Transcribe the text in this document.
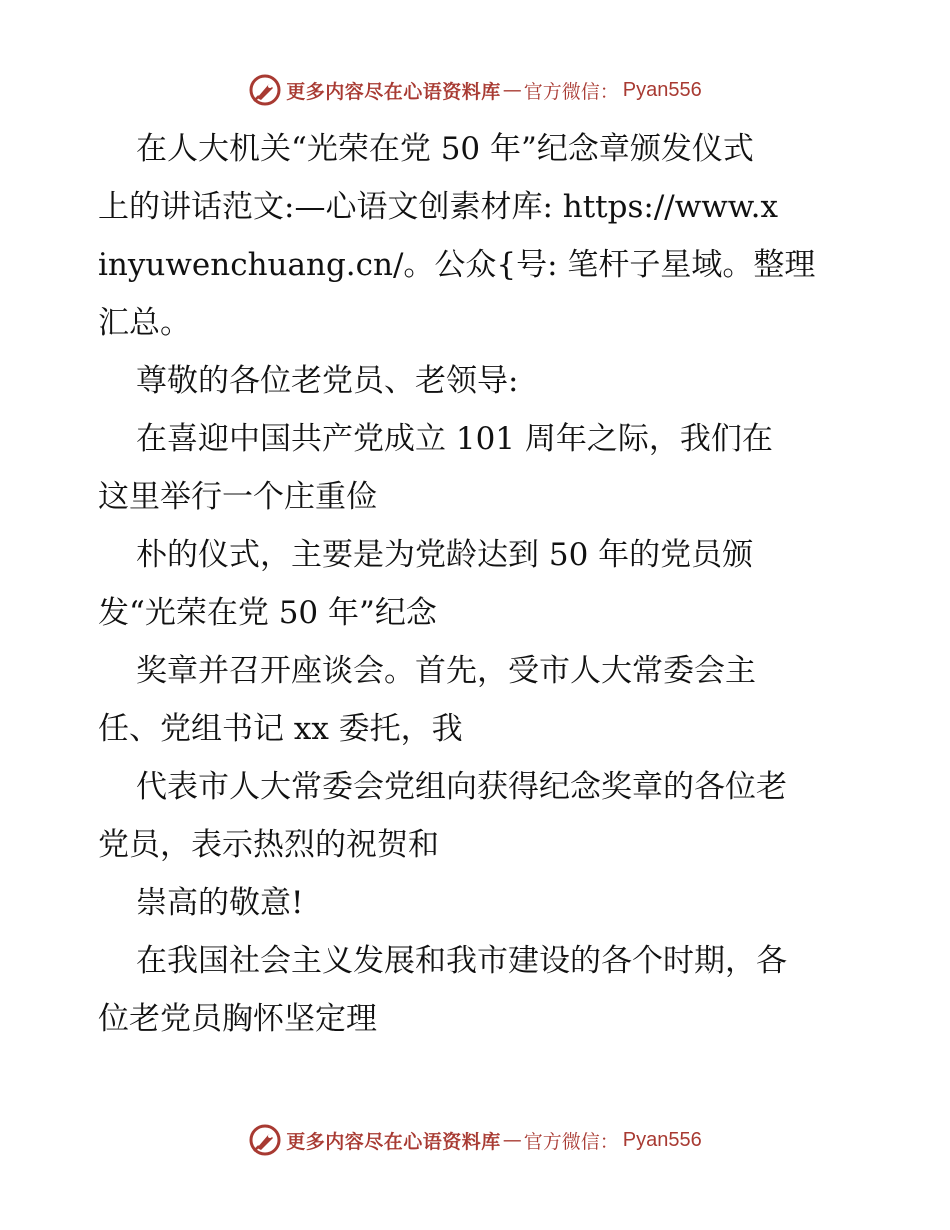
更多内容尽在心语资料库 — 官方微信： Pyan556

在人大机关“光荣在党 50 年”纪念章颁发仪式

上的讲话范文:—心语文创素材库: https://www.x

inyuwenchuang.cn/。公众{号: 笔杆子星域。整理

汇总。

尊敬的各位老党员、老领导:

在喜迎中国共产党成立 101 周年之际，我们在

这里举行一个庄重俭

朴的仪式，主要是为党龄达到 50 年的党员颁

发“光荣在党 50 年”纪念

奖章并召开座谈会。首先，受市人大常委会主

任、党组书记 xx 委托，我

代表市人大常委会党组向获得纪念奖章的各位老

党员，表示热烈的祝贺和

崇高的敬意!

在我国社会主义发展和我市建设的各个时期，各

位老党员胸怀坚定理

更多内容尽在心语资料库 — 官方微信： Pyan556
